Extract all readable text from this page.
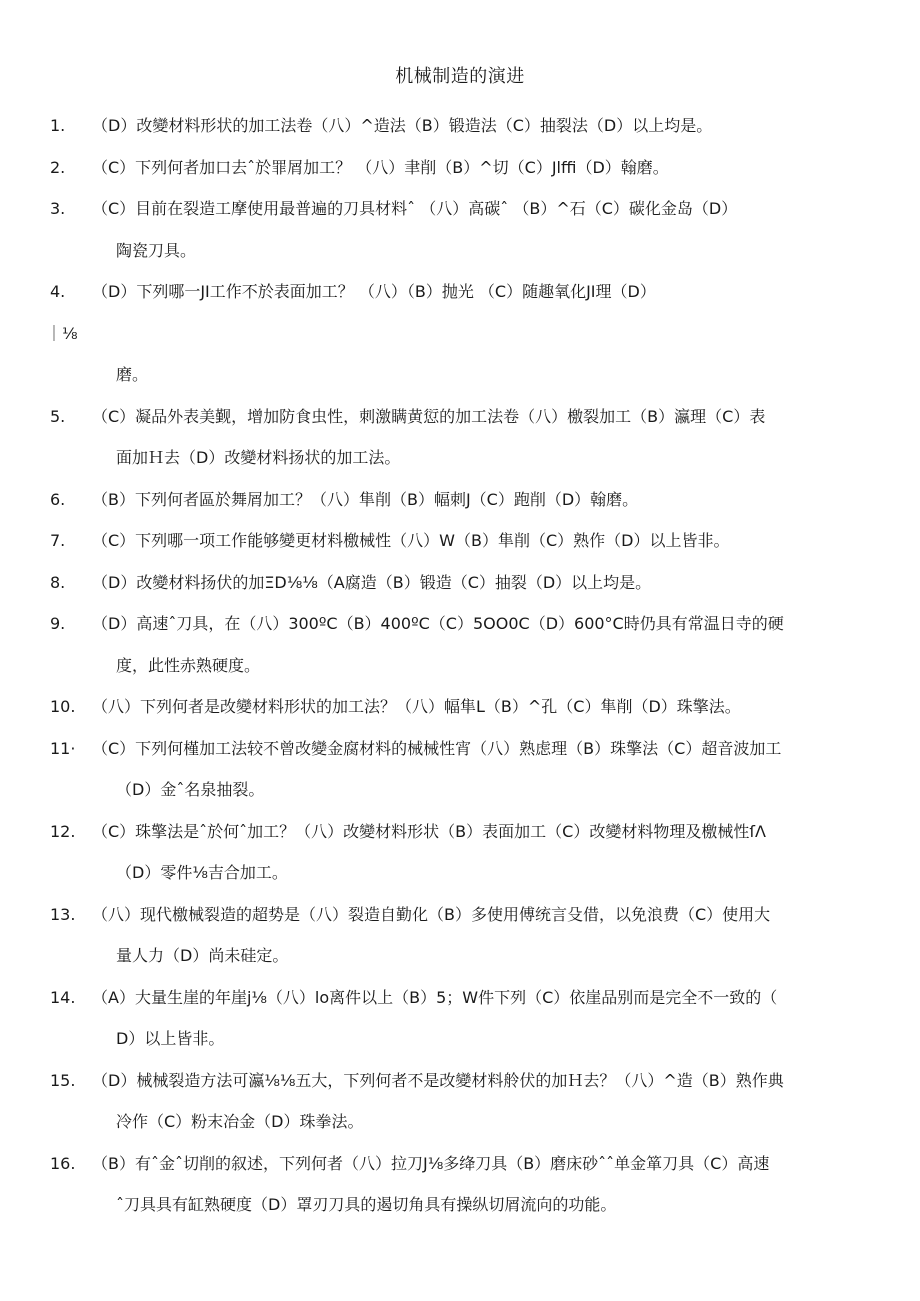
机械制造的演进
1. （D）改變材料形状的加工法卷（八）^造法（B）锻造法（C）抽裂法（D）以上均是。
2. （C）下列何者加口去ˆ於罪屑加工？ （八）聿削（B）^切（C）Jlffi（D）翰磨。
3. （C）目前在裂造工摩使用最普遍的刀具材料ˆ （八）高碳ˆ （B）^石（C）碳化金岛（D）
陶瓷刀具。
4. （D）下列哪一JI工作不於表面加工？ （八）（B）抛光 （C）随趣氧化JI理（D）
｜⅛
磨。
5. （C）凝品外表美觐，增加防食虫性，刺激瞒黄愆的加工法卷（八）檄裂加工（B）瀛理（C）表
面加Ｈ去（D）改變材料扬状的加工法。
6. （B）下列何者區於舞屑加工？（八）隼削（B）幅刺J（C）跑削（D）翰磨。
7. （C）下列哪一项工作能够變更材料檄械性（八）W（B）隼削（C）熟作（D）以上皆非。
8. （D）改變材料扬伏的加ΞD⅛⅛（A腐造（B）锻造（C）抽裂（D）以上均是。
9. （D）高速ˆ刀具，在（八）300ºC（B）400ºC（C）5OO0C（D）600°C時仍具有常温日寺的硬
度，此性赤熟硬度。
10. （八）下列何者是改變材料形状的加工法？（八）幅隼L（B）^孔（C）隼削（D）珠擎法。
11· （C）下列何槿加工法较不曾改變金腐材料的械械性宵（八）熟虑理（B）珠擎法（C）超音波加工
（D）金ˆ名泉抽裂。
12. （C）珠擎法是ˆ於何ˆ加工？（八）改變材料形状（B）表面加工（C）改變材料物理及檄械性ſΛ
（D）零件⅛吉合加工。
13. （八）现代檄械裂造的超势是（八）裂造自勤化（B）多使用傅统言殳借，以免浪费（C）使用大
量人力（D）尚未硅定。
14. （A）大量生崖的年崖j⅛（八）lo离件以上（B）5；W件下列（C）依崖品别而是完全不一致的（
D）以上皆非。
15. （D）械械裂造方法可瀛⅛⅛五大，下列何者不是改變材料舲伏的加Ｈ去？（八）^造（B）熟作典
冷作（C）粉末冶金（D）珠拳法。
16. （B）有ˆ金ˆ切削的叙述，下列何者（八）拉刀J⅛多绛刀具（B）磨床砂ˆˆ单金箪刀具（C）高速
ˆ刀具具有缸熟硬度（D）罩刃刀具的遏切角具有操纵切屑流向的功能。
